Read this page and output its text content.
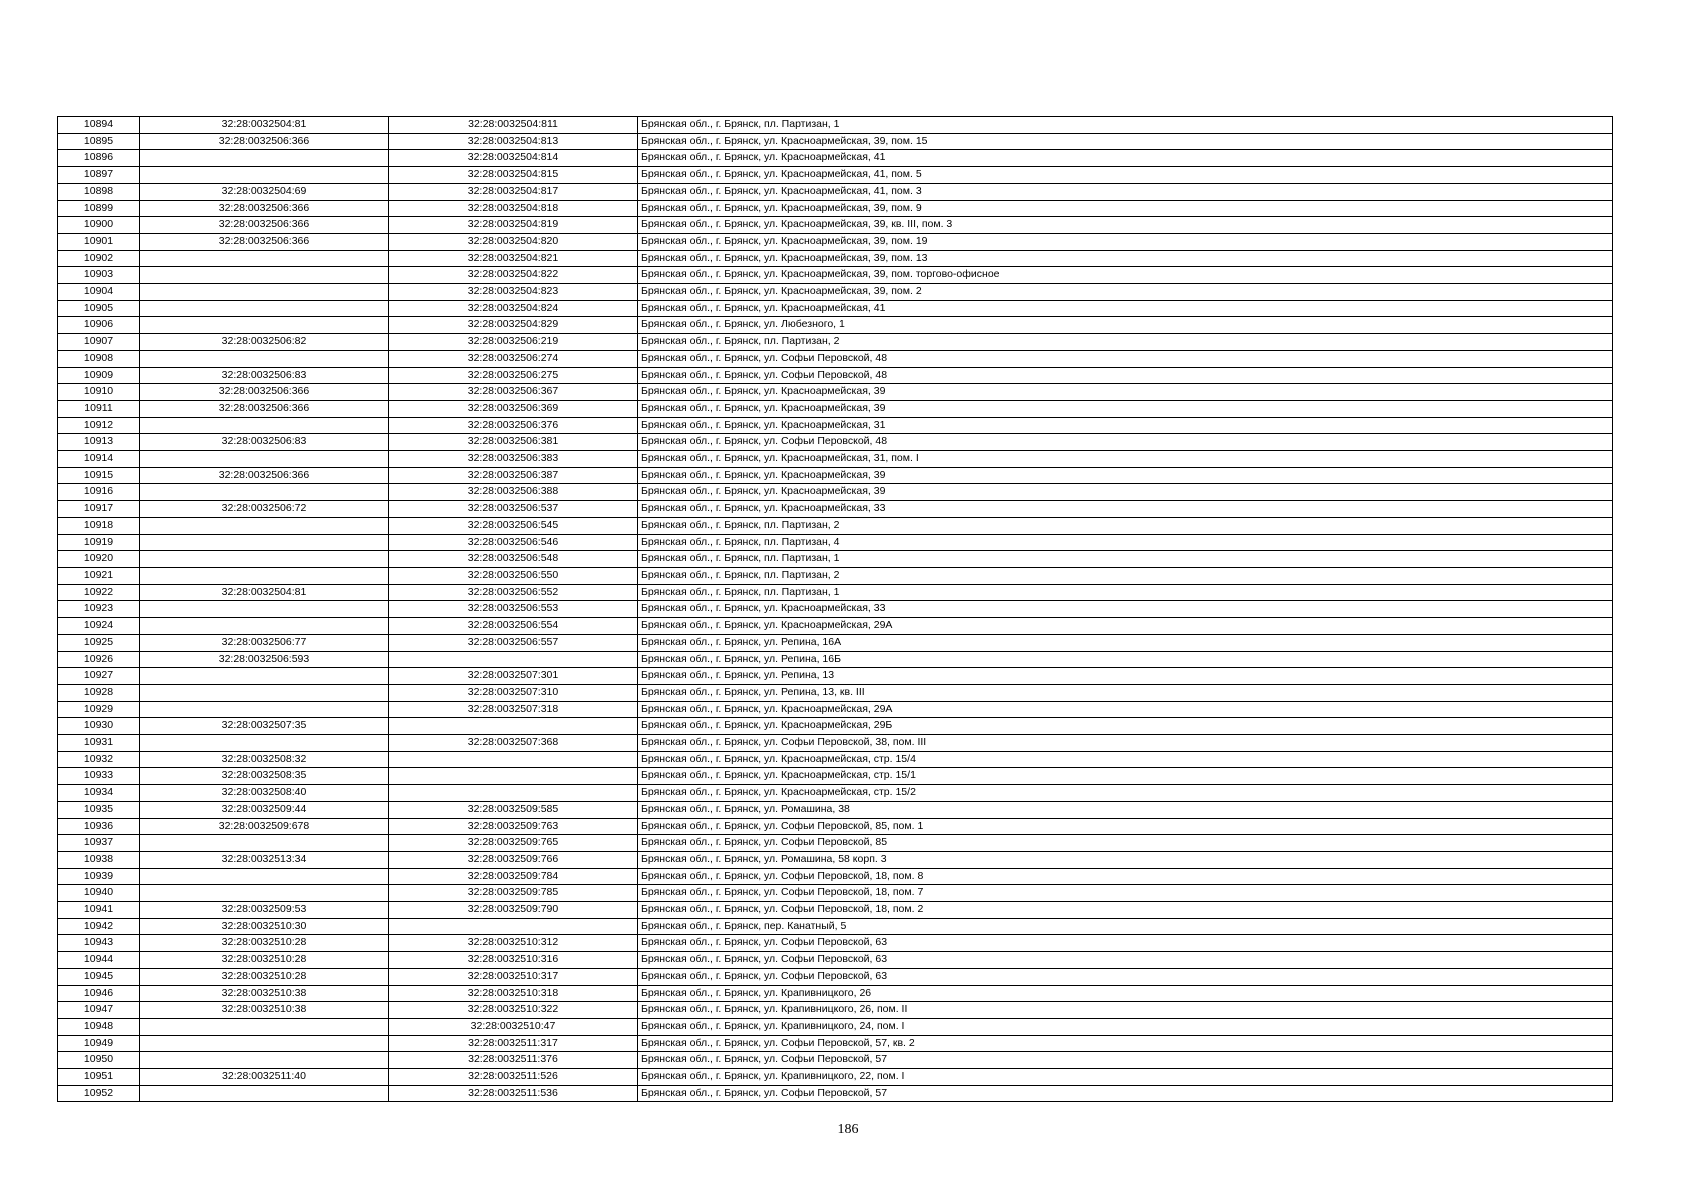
10894	32:28:0032504:81	32:28:0032504:811	Брянская обл., г. Брянск, пл. Партизан, 1
10895	32:28:0032506:366	32:28:0032504:813	Брянская обл., г. Брянск, ул. Красноармейская, 39, пом. 15
10896		32:28:0032504:814	Брянская обл., г. Брянск, ул. Красноармейская, 41
10897		32:28:0032504:815	Брянская обл., г. Брянск, ул. Красноармейская, 41, пом. 5
10898	32:28:0032504:69	32:28:0032504:817	Брянская обл., г. Брянск, ул. Красноармейская, 41, пом. 3
10899	32:28:0032506:366	32:28:0032504:818	Брянская обл., г. Брянск, ул. Красноармейская, 39, пом. 9
10900	32:28:0032506:366	32:28:0032504:819	Брянская обл., г. Брянск, ул. Красноармейская, 39, кв. III, пом. 3
10901	32:28:0032506:366	32:28:0032504:820	Брянская обл., г. Брянск, ул. Красноармейская, 39, пом. 19
10902		32:28:0032504:821	Брянская обл., г. Брянск, ул. Красноармейская, 39, пом. 13
10903		32:28:0032504:822	Брянская обл., г. Брянск, ул. Красноармейская, 39, пом. торгово-офисное
10904		32:28:0032504:823	Брянская обл., г. Брянск, ул. Красноармейская, 39, пом. 2
10905		32:28:0032504:824	Брянская обл., г. Брянск, ул. Красноармейская, 41
10906		32:28:0032504:829	Брянская обл., г. Брянск, ул. Любезного, 1
10907	32:28:0032506:82	32:28:0032506:219	Брянская обл., г. Брянск, пл. Партизан, 2
10908		32:28:0032506:274	Брянская обл., г. Брянск, ул. Софьи Перовской, 48
10909	32:28:0032506:83	32:28:0032506:275	Брянская обл., г. Брянск, ул. Софьи Перовской, 48
10910	32:28:0032506:366	32:28:0032506:367	Брянская обл., г. Брянск, ул. Красноармейская, 39
10911	32:28:0032506:366	32:28:0032506:369	Брянская обл., г. Брянск, ул. Красноармейская, 39
10912		32:28:0032506:376	Брянская обл., г. Брянск, ул. Красноармейская, 31
10913	32:28:0032506:83	32:28:0032506:381	Брянская обл., г. Брянск, ул. Софьи Перовской, 48
10914		32:28:0032506:383	Брянская обл., г. Брянск, ул. Красноармейская, 31, пом. I
10915	32:28:0032506:366	32:28:0032506:387	Брянская обл., г. Брянск, ул. Красноармейская, 39
10916		32:28:0032506:388	Брянская обл., г. Брянск, ул. Красноармейская, 39
10917	32:28:0032506:72	32:28:0032506:537	Брянская обл., г. Брянск, ул. Красноармейская, 33
10918		32:28:0032506:545	Брянская обл., г. Брянск, пл. Партизан, 2
10919		32:28:0032506:546	Брянская обл., г. Брянск, пл. Партизан, 4
10920		32:28:0032506:548	Брянская обл., г. Брянск, пл. Партизан, 1
10921		32:28:0032506:550	Брянская обл., г. Брянск, пл. Партизан, 2
10922	32:28:0032504:81	32:28:0032506:552	Брянская обл., г. Брянск, пл. Партизан, 1
10923		32:28:0032506:553	Брянская обл., г. Брянск, ул. Красноармейская, 33
10924		32:28:0032506:554	Брянская обл., г. Брянск, ул. Красноармейская, 29А
10925	32:28:0032506:77	32:28:0032506:557	Брянская обл., г. Брянск, ул. Репина, 16А
10926	32:28:0032506:593		Брянская обл., г. Брянск, ул. Репина, 16Б
10927		32:28:0032507:301	Брянская обл., г. Брянск, ул. Репина, 13
10928		32:28:0032507:310	Брянская обл., г. Брянск, ул. Репина, 13, кв. III
10929		32:28:0032507:318	Брянская обл., г. Брянск, ул. Красноармейская, 29А
10930	32:28:0032507:35		Брянская обл., г. Брянск, ул. Красноармейская, 29Б
10931		32:28:0032507:368	Брянская обл., г. Брянск, ул. Софьи Перовской, 38, пом. III
10932	32:28:0032508:32		Брянская обл., г. Брянск, ул. Красноармейская, стр. 15/4
10933	32:28:0032508:35		Брянская обл., г. Брянск, ул. Красноармейская, стр. 15/1
10934	32:28:0032508:40		Брянская обл., г. Брянск, ул. Красноармейская, стр. 15/2
10935	32:28:0032509:44	32:28:0032509:585	Брянская обл., г. Брянск, ул. Ромашина, 38
10936	32:28:0032509:678	32:28:0032509:763	Брянская обл., г. Брянск, ул. Софьи Перовской, 85, пом. 1
10937		32:28:0032509:765	Брянская обл., г. Брянск, ул. Софьи Перовской, 85
10938	32:28:0032513:34	32:28:0032509:766	Брянская обл., г. Брянск, ул. Ромашина, 58 корп. 3
10939		32:28:0032509:784	Брянская обл., г. Брянск, ул. Софьи Перовской, 18, пом. 8
10940		32:28:0032509:785	Брянская обл., г. Брянск, ул. Софьи Перовской, 18, пом. 7
10941	32:28:0032509:53	32:28:0032509:790	Брянская обл., г. Брянск, ул. Софьи Перовской, 18, пом. 2
10942	32:28:0032510:30		Брянская обл., г. Брянск, пер. Канатный, 5
10943	32:28:0032510:28	32:28:0032510:312	Брянская обл., г. Брянск, ул. Софьи Перовской, 63
10944	32:28:0032510:28	32:28:0032510:316	Брянская обл., г. Брянск, ул. Софьи Перовской, 63
10945	32:28:0032510:28	32:28:0032510:317	Брянская обл., г. Брянск, ул. Софьи Перовской, 63
10946	32:28:0032510:38	32:28:0032510:318	Брянская обл., г. Брянск, ул. Крапивницкого, 26
10947	32:28:0032510:38	32:28:0032510:322	Брянская обл., г. Брянск, ул. Крапивницкого, 26, пом. II
10948		32:28:0032510:47	Брянская обл., г. Брянск, ул. Крапивницкого, 24, пом. I
10949		32:28:0032511:317	Брянская обл., г. Брянск, ул. Софьи Перовской, 57, кв. 2
10950		32:28:0032511:376	Брянская обл., г. Брянск, ул. Софьи Перовской, 57
10951	32:28:0032511:40	32:28:0032511:526	Брянская обл., г. Брянск, ул. Крапивницкого, 22, пом. I
10952		32:28:0032511:536	Брянская обл., г. Брянск, ул. Софьи Перовской, 57
186
